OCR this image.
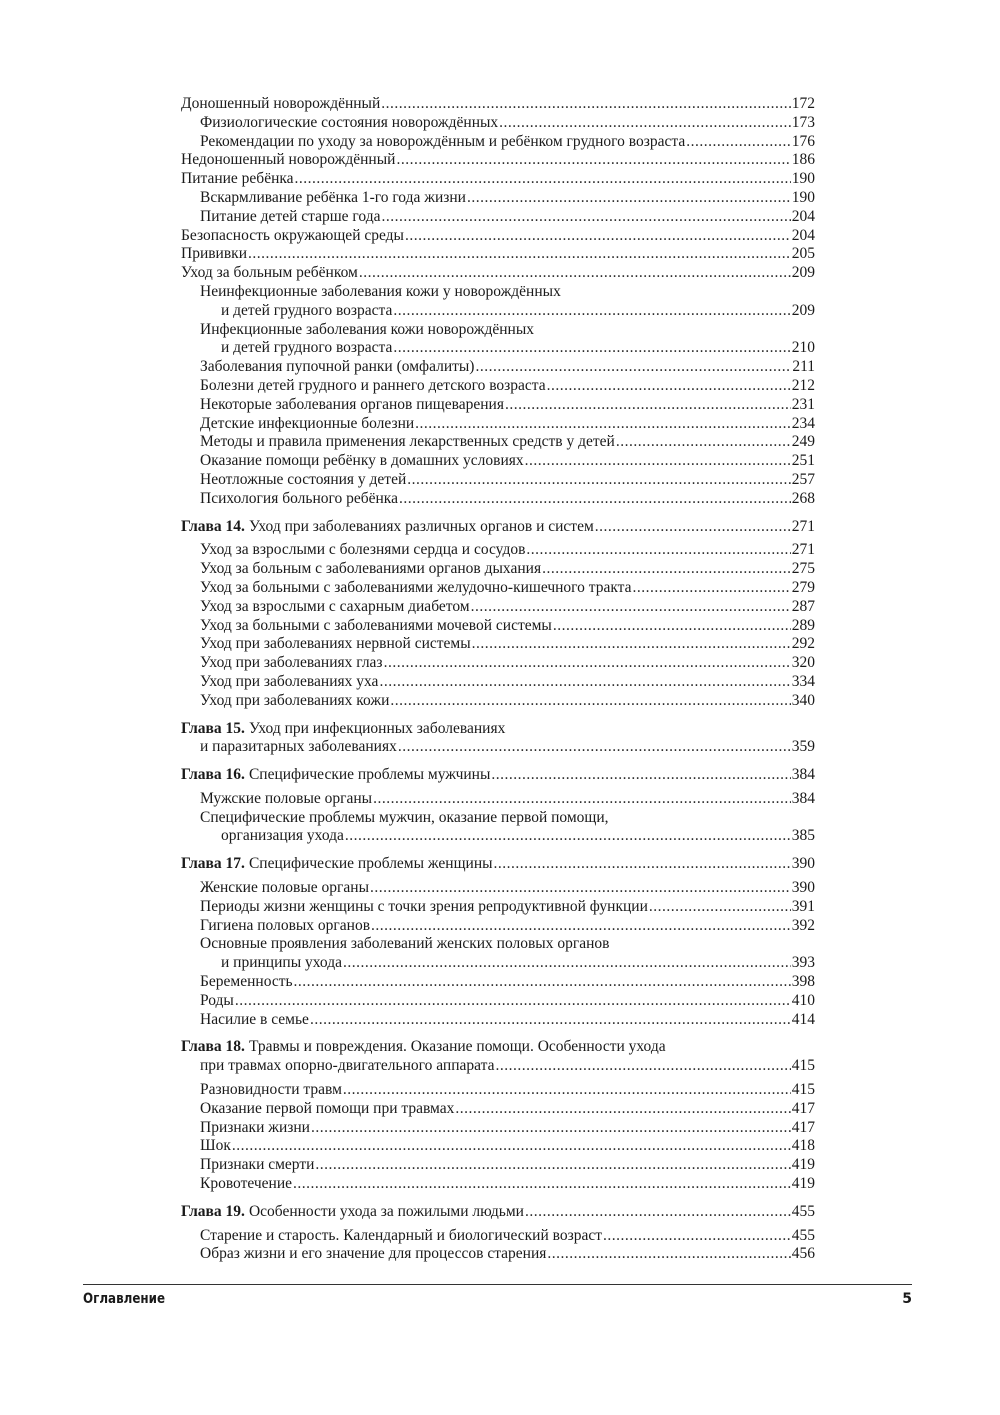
Доношенный новорождённый .....	172
Физиологические состояния новорождённых .....	173
Рекомендации по уходу за новорождённым и ребёнком грудного возраста .....	176
Недоношенный новорождённый .....	186
Питание ребёнка .....	190
Вскармливание ребёнка 1-го года жизни .....	190
Питание детей старше года .....	204
Безопасность окружающей среды .....	204
Прививки .....	205
Уход за больным ребёнком .....	209
Неинфекционные заболевания кожи у новорождённых
и детей грудного возраста .....	209
Инфекционные заболевания кожи новорождённых
и детей грудного возраста .....	210
Заболевания пупочной ранки (омфалиты) .....	211
Болезни детей грудного и раннего детского возраста .....	212
Некоторые заболевания органов пищеварения .....	231
Детские инфекционные болезни .....	234
Методы и правила применения лекарственных средств у детей .....	249
Оказание помощи ребёнку в домашних условиях .....	251
Неотложные состояния у детей .....	257
Психология больного ребёнка .....	268
Глава 14. Уход при заболеваниях различных органов и систем .....	271
Уход за взрослыми с болезнями сердца и сосудов .....	271
Уход за больным с заболеваниями органов дыхания .....	275
Уход за больными с заболеваниями желудочно-кишечного тракта .....	279
Уход за взрослыми с сахарным диабетом .....	287
Уход за больными с заболеваниями мочевой системы .....	289
Уход при заболеваниях нервной системы .....	292
Уход при заболеваниях глаз .....	320
Уход при заболеваниях уха .....	334
Уход при заболеваниях кожи .....	340
Глава 15. Уход при инфекционных заболеваниях
и паразитарных заболеваниях .....	359
Глава 16. Специфические проблемы мужчины .....	384
Мужские половые органы .....	384
Специфические проблемы мужчин, оказание первой помощи,
организация ухода .....	385
Глава 17. Специфические проблемы женщины .....	390
Женские половые органы .....	390
Периоды жизни женщины с точки зрения репродуктивной функции .....	391
Гигиена половых органов .....	392
Основные проявления заболеваний женских половых органов
и принципы ухода .....	393
Беременность .....	398
Роды .....	410
Насилие в семье .....	414
Глава 18. Травмы и повреждения. Оказание помощи. Особенности ухода
при травмах опорно-двигательного аппарата .....	415
Разновидности травм .....	415
Оказание первой помощи при травмах .....	417
Признаки жизни .....	417
Шок .....	418
Признаки смерти .....	419
Кровотечение .....	419
Глава 19. Особенности ухода за пожилыми людьми .....	455
Старение и старость. Календарный и биологический возраст .....	455
Образ жизни и его значение для процессов старения .....	456
Оглавление	5
